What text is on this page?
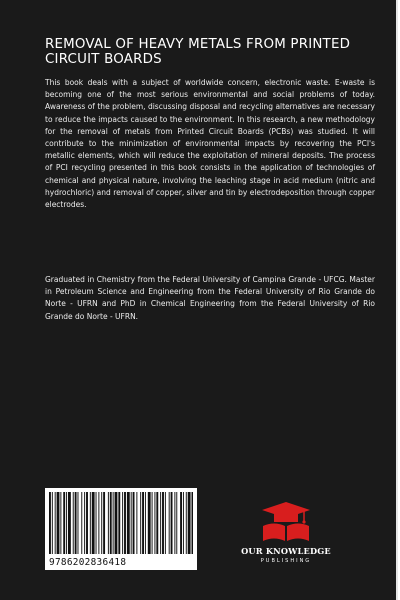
REMOVAL OF HEAVY METALS FROM PRINTED CIRCUIT BOARDS

This book deals with a subject of worldwide concern, electronic waste. E-waste is becoming one of the most serious environmental and social problems of today. Awareness of the problem, discussing disposal and recycling alternatives are necessary to reduce the impacts caused to the environment. In this research, a new methodology for the removal of metals from Printed Circuit Boards (PCBs) was studied. It will contribute to the minimization of environmental impacts by recovering the PCI's metallic elements, which will reduce the exploitation of mineral deposits. The process of PCI recycling presented in this book consists in the application of technologies of chemical and physical nature, involving the leaching stage in acid medium (nitric and hydrochloric) and removal of copper, silver and tin by electrodeposition through copper electrodes.

Graduated in Chemistry from the Federal University of Campina Grande - UFCG. Master in Petroleum Science and Engineering from the Federal University of Rio Grande do Norte - UFRN and PhD in Chemical Engineering from the Federal University of Rio Grande do Norte - UFRN.

9786202836418
OUR KNOWLEDGE
PUBLISHING
